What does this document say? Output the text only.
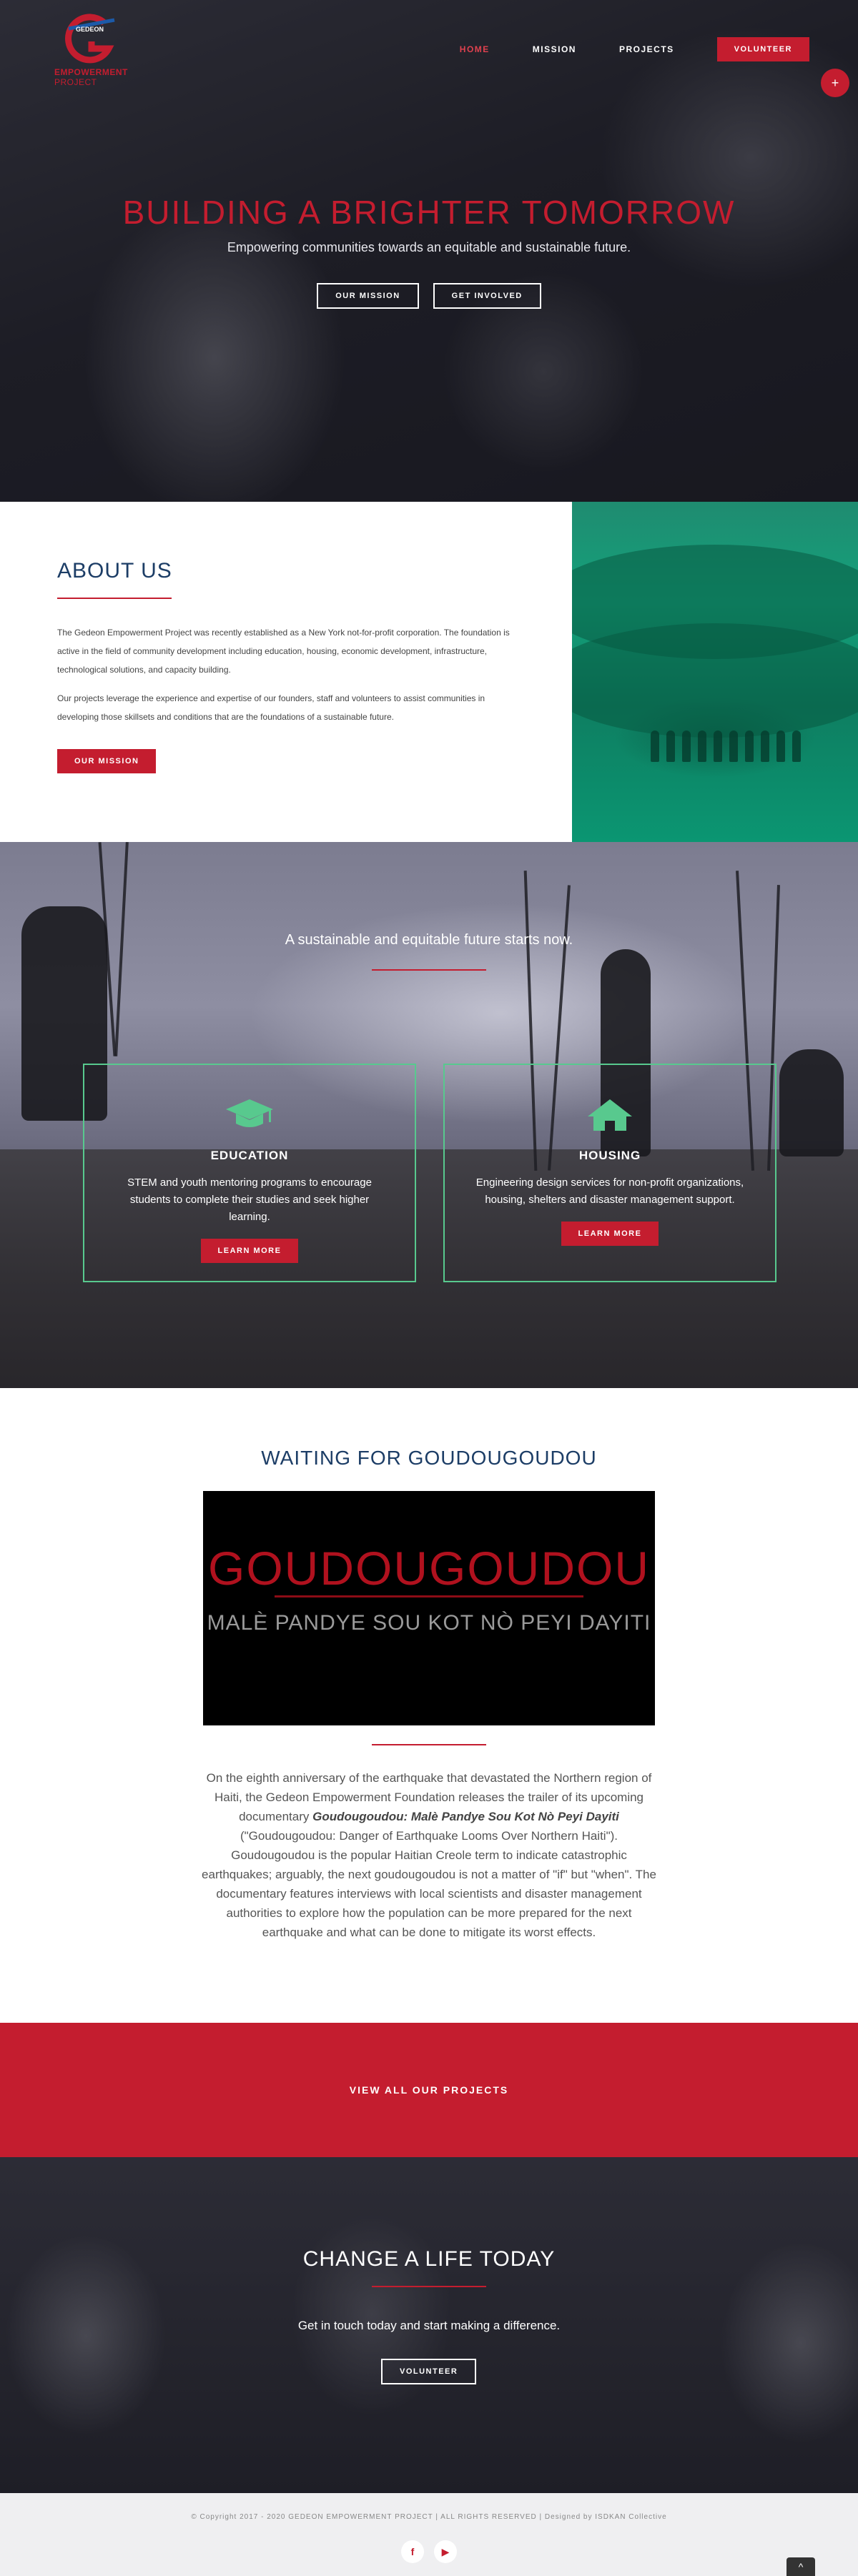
GEDEON
EMPOWERMENT
PROJECT
HOME	MISSION	PROJECTS	VOLUNTEER
+
BUILDING A BRIGHTER TOMORROW

Empowering communities towards an equitable and sustainable future.

OUR MISSION	GET INVOLVED
ABOUT US

The Gedeon Empowerment Project was recently established as a New York not-for-profit corporation. The foundation is active in the field of community development including education, housing, economic development, infrastructure, technological solutions, and capacity building.

Our projects leverage the experience and expertise of our founders, staff and volunteers to assist communities in developing those skillsets and conditions that are the foundations of a sustainable future.

OUR MISSION
A sustainable and equitable future starts now.
EDUCATION

STEM and youth mentoring programs to encourage students to complete their studies and seek higher learning.

LEARN MORE
HOUSING

Engineering design services for non-profit organizations, housing, shelters and disaster management support.

LEARN MORE
WAITING FOR GOUDOUGOUDOU
GOUDOUGOUDOU
MALÈ PANDYE SOU KOT NÒ PEYI DAYITI

On the eighth anniversary of the earthquake that devastated the Northern region of Haiti, the Gedeon Empowerment Foundation releases the trailer of its upcoming documentary Goudougoudou: Malè Pandye Sou Kot Nò Peyi Dayiti ("Goudougoudou: Danger of Earthquake Looms Over Northern Haiti"). Goudougoudou is the popular Haitian Creole term to indicate catastrophic earthquakes; arguably, the next goudougoudou is not a matter of "if" but "when". The documentary features interviews with local scientists and disaster management authorities to explore how the population can be more prepared for the next earthquake and what can be done to mitigate its worst effects.

VIEW ALL OUR PROJECTS
CHANGE A LIFE TODAY

Get in touch today and start making a difference.

VOLUNTEER
© Copyright 2017 - 2020 GEDEON EMPOWERMENT PROJECT | ALL RIGHTS RESERVED | Designed by ISDKAN Collective
f	▶
^
